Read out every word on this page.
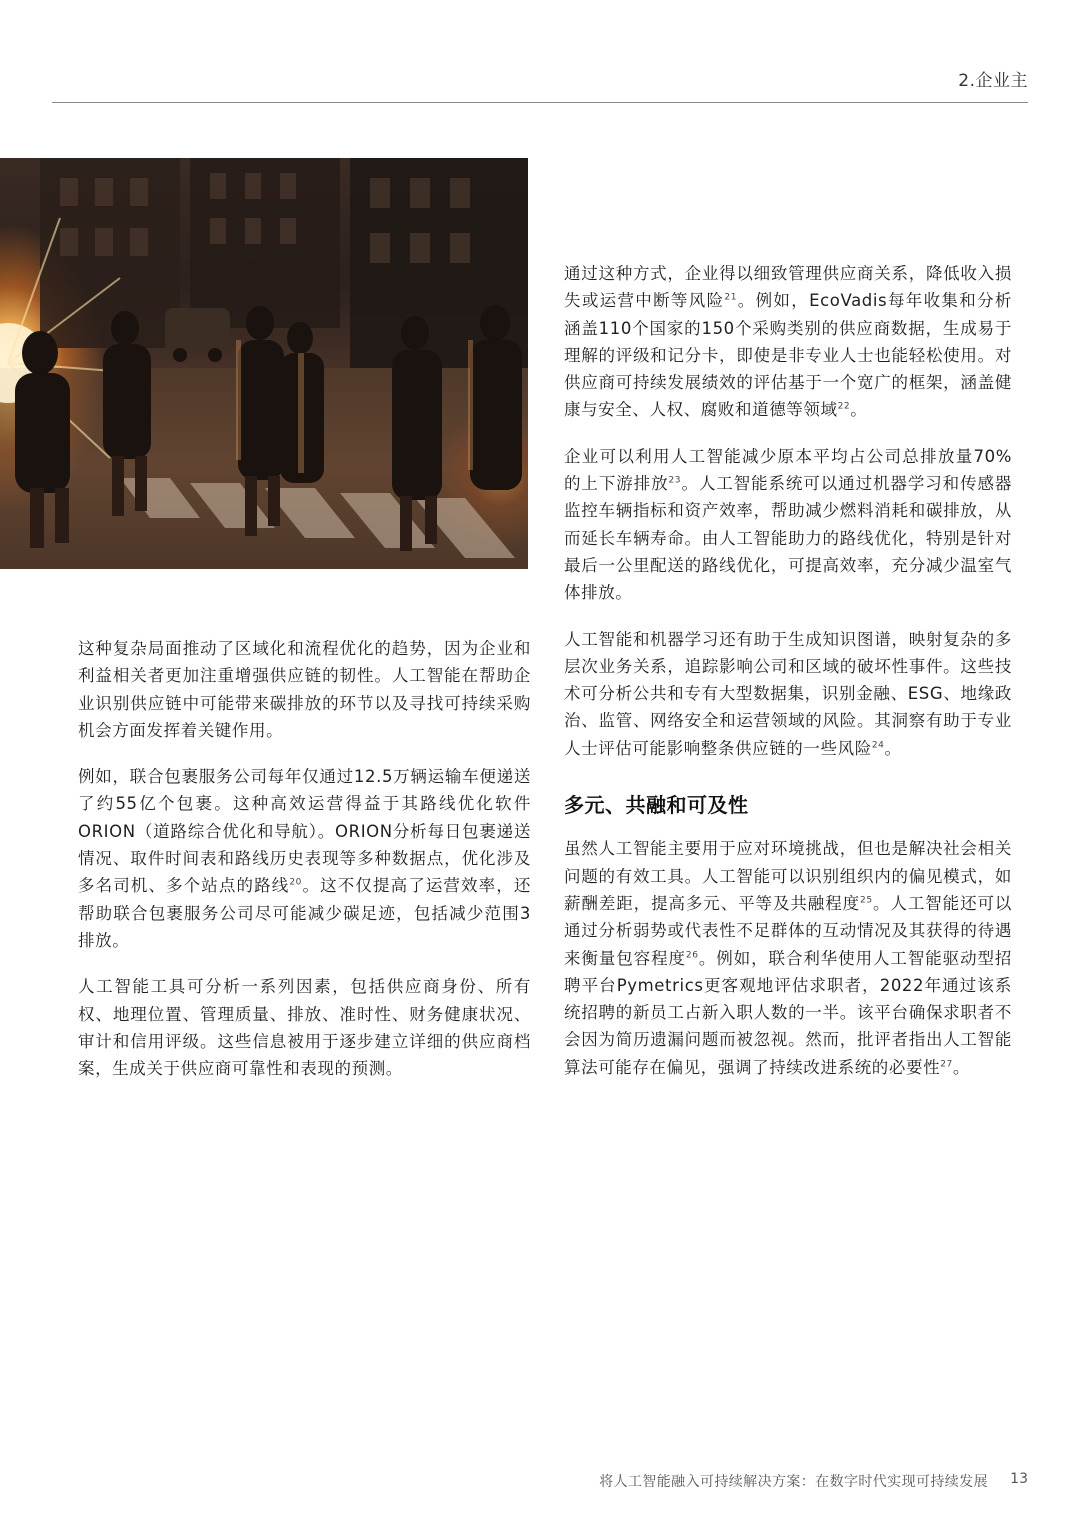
2.企业主

这种复杂局面推动了区域化和流程优化的趋势，因为企业和利益相关者更加注重增强供应链的韧性。人工智能在帮助企业识别供应链中可能带来碳排放的环节以及寻找可持续采购机会方面发挥着关键作用。

例如，联合包裹服务公司每年仅通过12.5万辆运输车便递送了约55亿个包裹。这种高效运营得益于其路线优化软件ORION（道路综合优化和导航）。ORION分析每日包裹递送情况、取件时间表和路线历史表现等多种数据点，优化涉及多名司机、多个站点的路线$^{20}$。这不仅提高了运营效率，还帮助联合包裹服务公司尽可能减少碳足迹，包括减少范围3排放。

人工智能工具可分析一系列因素，包括供应商身份、所有权、地理位置、管理质量、排放、准时性、财务健康状况、审计和信用评级。这些信息被用于逐步建立详细的供应商档案，生成关于供应商可靠性和表现的预测。

通过这种方式，企业得以细致管理供应商关系，降低收入损失或运营中断等风险$^{21}$。例如，EcoVadis每年收集和分析涵盖110个国家的150个采购类别的供应商数据，生成易于理解的评级和记分卡，即使是非专业人士也能轻松使用。对供应商可持续发展绩效的评估基于一个宽广的框架，涵盖健康与安全、人权、腐败和道德等领域$^{22}$。

企业可以利用人工智能减少原本平均占公司总排放量70%的上下游排放$^{23}$。人工智能系统可以通过机器学习和传感器监控车辆指标和资产效率，帮助减少燃料消耗和碳排放，从而延长车辆寿命。由人工智能助力的路线优化，特别是针对最后一公里配送的路线优化，可提高效率，充分减少温室气体排放。

人工智能和机器学习还有助于生成知识图谱，映射复杂的多层次业务关系，追踪影响公司和区域的破坏性事件。这些技术可分析公共和专有大型数据集，识别金融、ESG、地缘政治、监管、网络安全和运营领域的风险。其洞察有助于专业人士评估可能影响整条供应链的一些风险$^{24}$。

多元、共融和可及性

虽然人工智能主要用于应对环境挑战，但也是解决社会相关问题的有效工具。人工智能可以识别组织内的偏见模式，如薪酬差距，提高多元、平等及共融程度$^{25}$。人工智能还可以通过分析弱势或代表性不足群体的互动情况及其获得的待遇来衡量包容程度$^{26}$。例如，联合利华使用人工智能驱动型招聘平台Pymetrics更客观地评估求职者，2022年通过该系统招聘的新员工占新入职人数的一半。该平台确保求职者不会因为简历遗漏问题而被忽视。然而，批评者指出人工智能算法可能存在偏见，强调了持续改进系统的必要性$^{27}$。

将人工智能融入可持续解决方案：在数字时代实现可持续发展 13
